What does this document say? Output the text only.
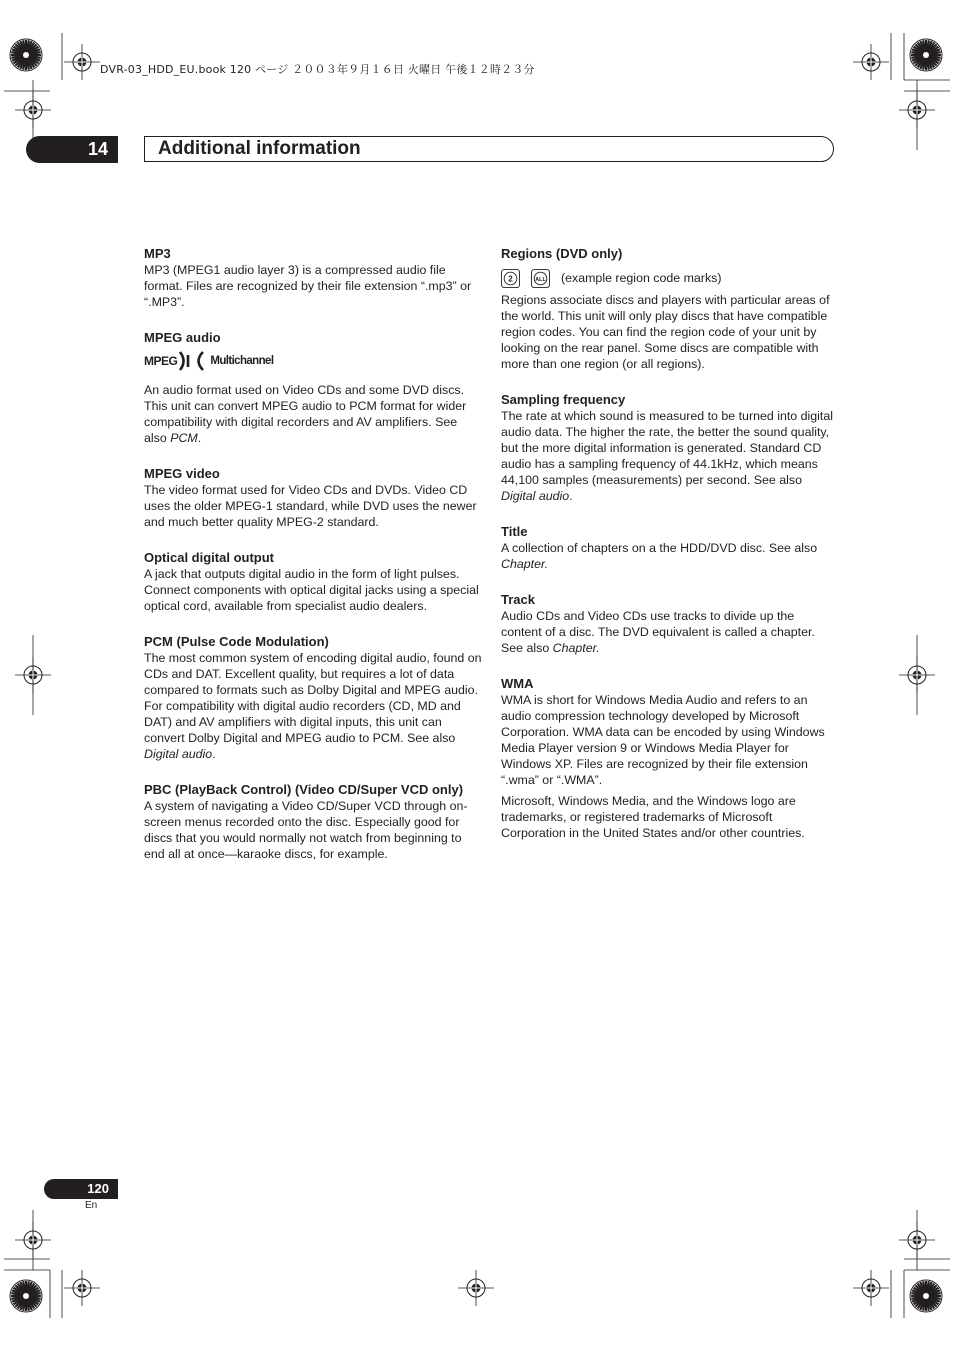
DVR-03_HDD_EU.book 120 ページ ２００３年９月１６日 火曜日 午後１２時２３分
14	Additional information
MP3
MP3 (MPEG1 audio layer 3) is a compressed audio file format. Files are recognized by their file extension “.mp3” or “.MP3”.
MPEG audio
MPEG	Multichannel
An audio format used on Video CDs and some DVD discs. This unit can convert MPEG audio to PCM format for wider compatibility with digital recorders and AV amplifiers. See also PCM.
MPEG video
The video format used for Video CDs and DVDs. Video CD uses the older MPEG-1 standard, while DVD uses the newer and much better quality MPEG-2 standard.
Optical digital output
A jack that outputs digital audio in the form of light pulses. Connect components with optical digital jacks using a special optical cord, available from specialist audio dealers.
PCM (Pulse Code Modulation)
The most common system of encoding digital audio, found on CDs and DAT. Excellent quality, but requires a lot of data compared to formats such as Dolby Digital and MPEG audio. For compatibility with digital audio recorders (CD, MD and DAT) and AV amplifiers with digital inputs, this unit can convert Dolby Digital and MPEG audio to PCM. See also Digital audio.
PBC (PlayBack Control) (Video CD/Super VCD only)
A system of navigating a Video CD/Super VCD through on-screen menus recorded onto the disc. Especially good for discs that you would normally not watch from beginning to end all at once—karaoke discs, for example.
Regions (DVD only)
2	ALL (example region code marks)
Regions associate discs and players with particular areas of the world. This unit will only play discs that have compatible region codes. You can find the region code of your unit by looking on the rear panel. Some discs are compatible with more than one region (or all regions).
Sampling frequency
The rate at which sound is measured to be turned into digital audio data. The higher the rate, the better the sound quality, but the more digital information is generated. Standard CD audio has a sampling frequency of 44.1kHz, which means 44,100 samples (measurements) per second. See also Digital audio.
Title
A collection of chapters on a the HDD/DVD disc. See also Chapter.
Track
Audio CDs and Video CDs use tracks to divide up the content of a disc. The DVD equivalent is called a chapter. See also Chapter.
WMA
WMA is short for Windows Media Audio and refers to an audio compression technology developed by Microsoft Corporation. WMA data can be encoded by using Windows Media Player version 9 or Windows Media Player for Windows XP. Files are recognized by their file extension “.wma” or “.WMA”.
Microsoft, Windows Media, and the Windows logo are trademarks, or registered trademarks of Microsoft Corporation in the United States and/or other countries.
120
En
